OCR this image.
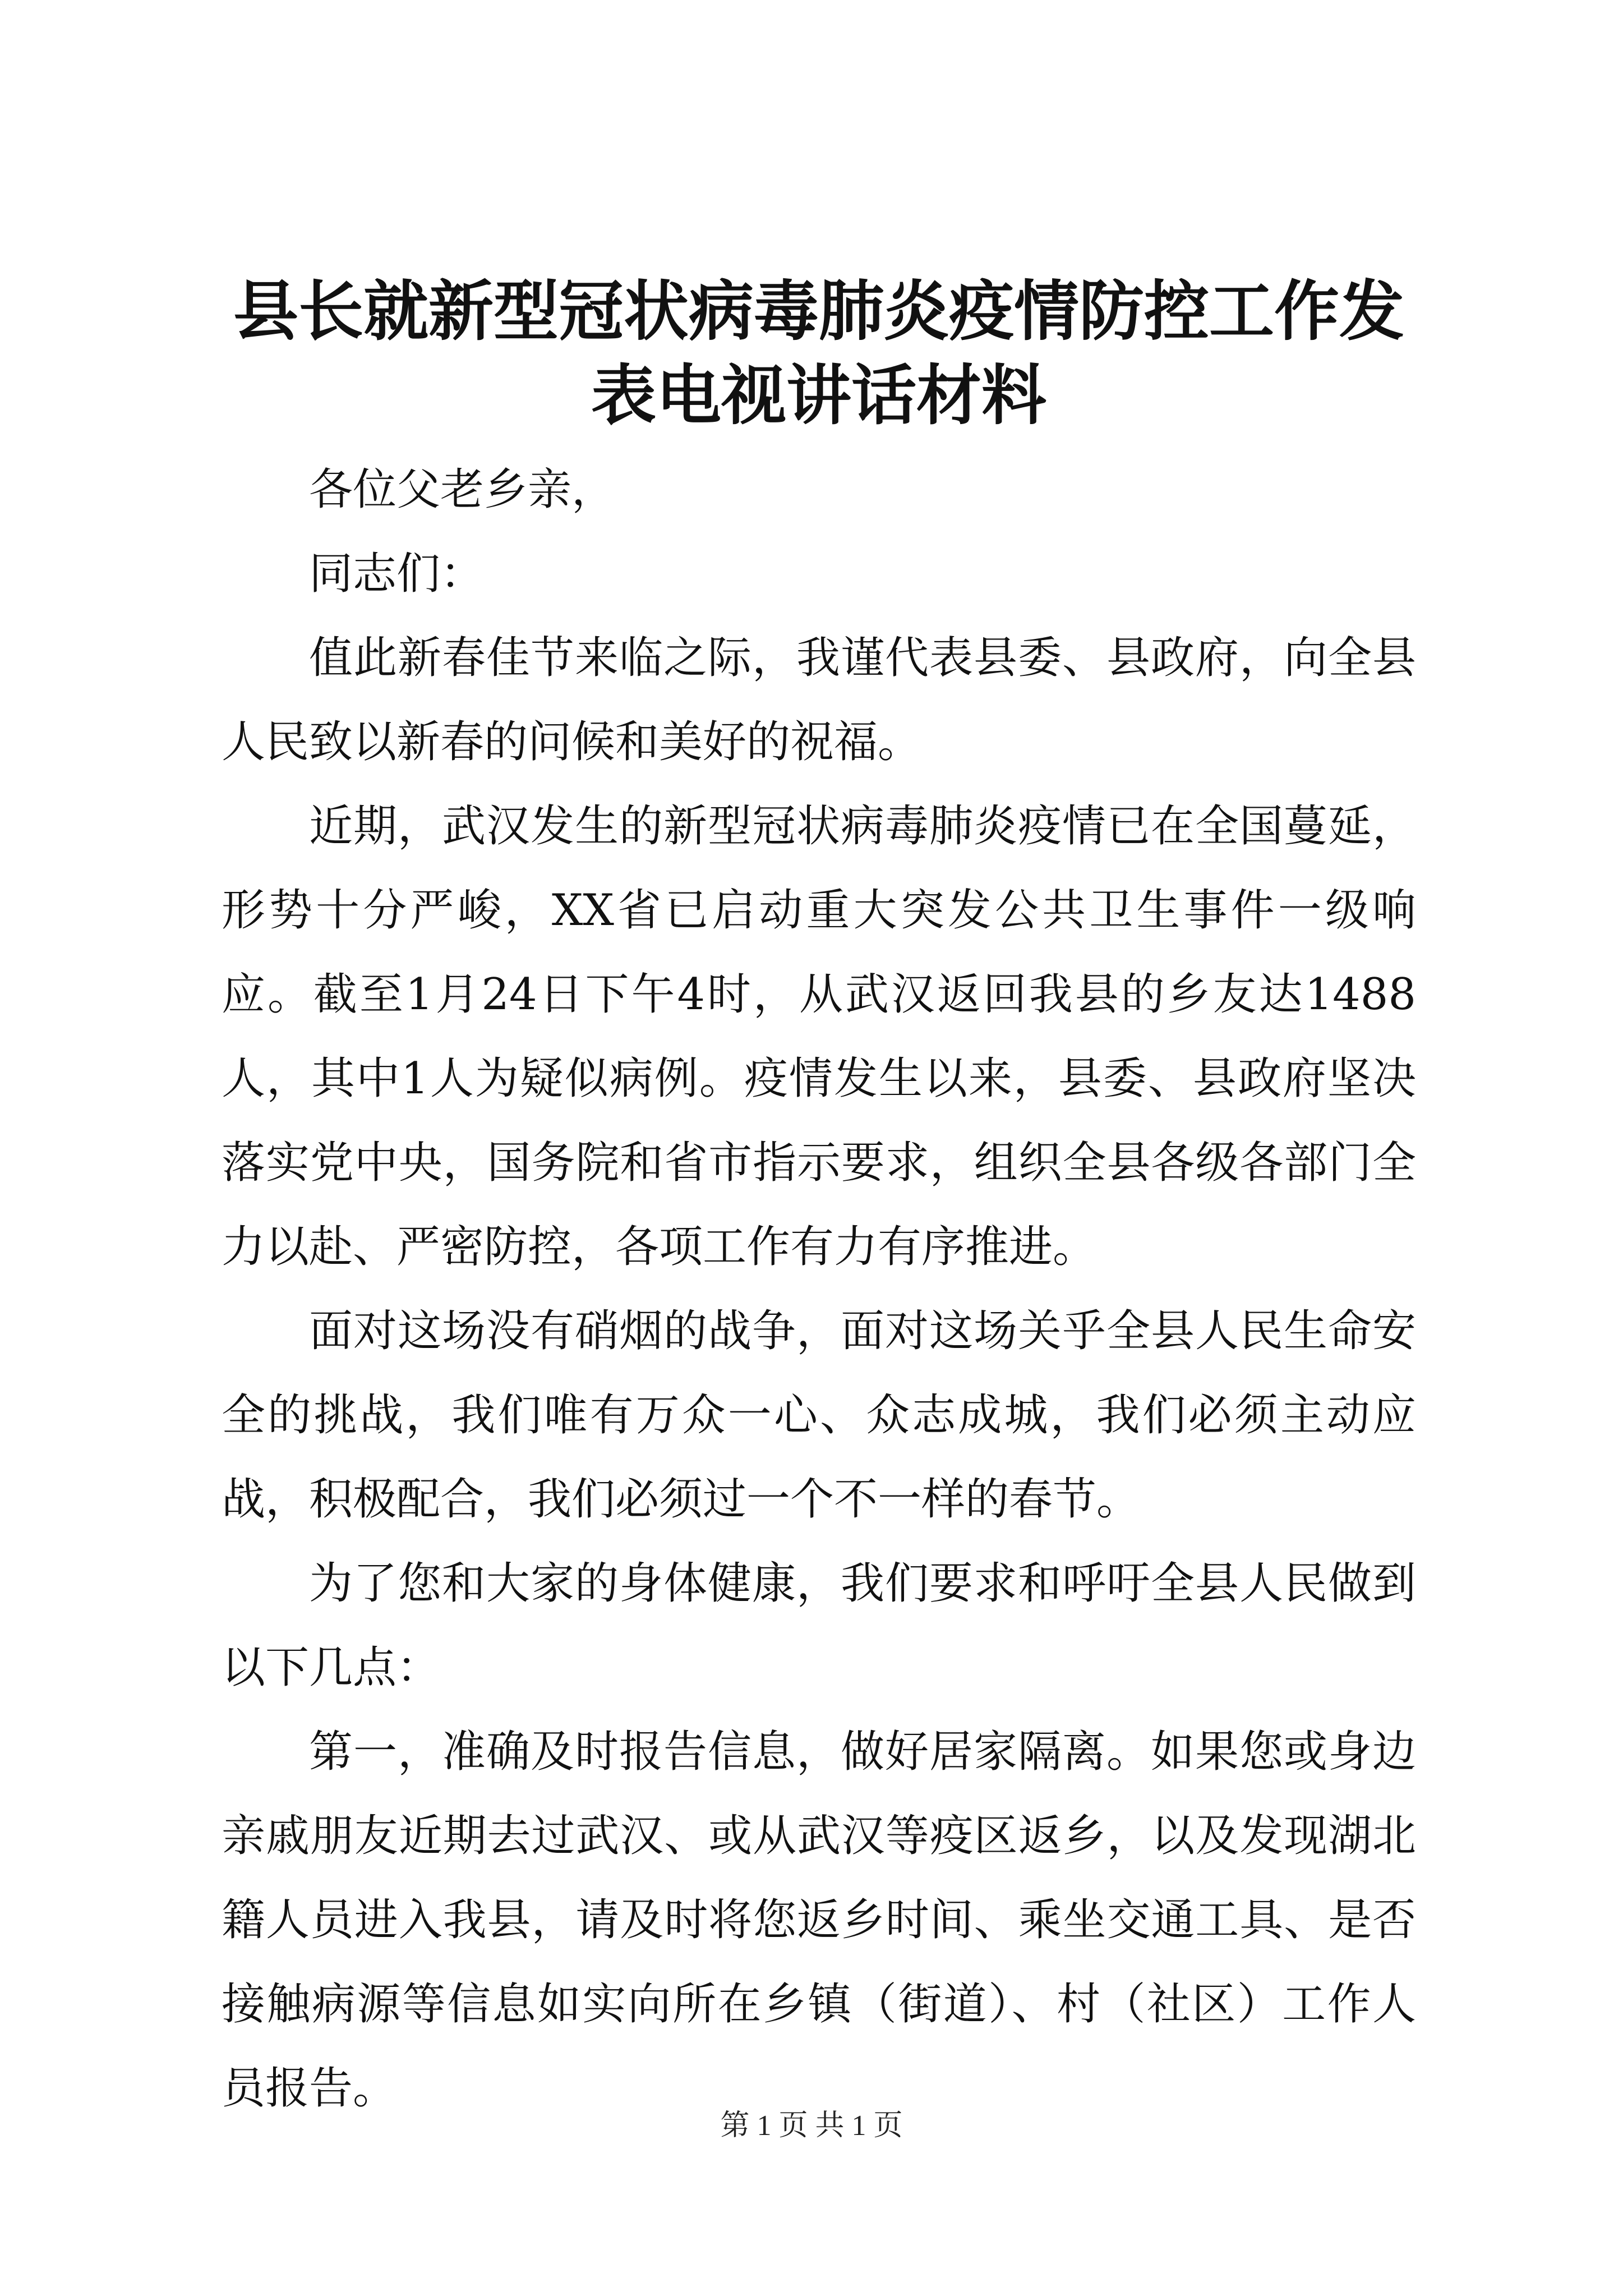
县长就新型冠状病毒肺炎疫情防控工作发表电视讲话材料

各位父老乡亲，

同志们：

值此新春佳节来临之际，我谨代表县委、县政府，向全县人民致以新春的问候和美好的祝福。

近期，武汉发生的新型冠状病毒肺炎疫情已在全国蔓延，形势十分严峻，XX省已启动重大突发公共卫生事件一级响应。截至1月24日下午4时，从武汉返回我县的乡友达1488人，其中1人为疑似病例。疫情发生以来，县委、县政府坚决落实党中央，国务院和省市指示要求，组织全县各级各部门全力以赴、严密防控，各项工作有力有序推进。

面对这场没有硝烟的战争，面对这场关乎全县人民生命安全的挑战，我们唯有万众一心、众志成城，我们必须主动应战，积极配合，我们必须过一个不一样的春节。

为了您和大家的身体健康，我们要求和呼吁全县人民做到以下几点：

第一，准确及时报告信息，做好居家隔离。如果您或身边亲戚朋友近期去过武汉、或从武汉等疫区返乡，以及发现湖北籍人员进入我县，请及时将您返乡时间、乘坐交通工具、是否接触病源等信息如实向所在乡镇（街道）、村（社区）工作人员报告。

第 1 页 共 1 页
